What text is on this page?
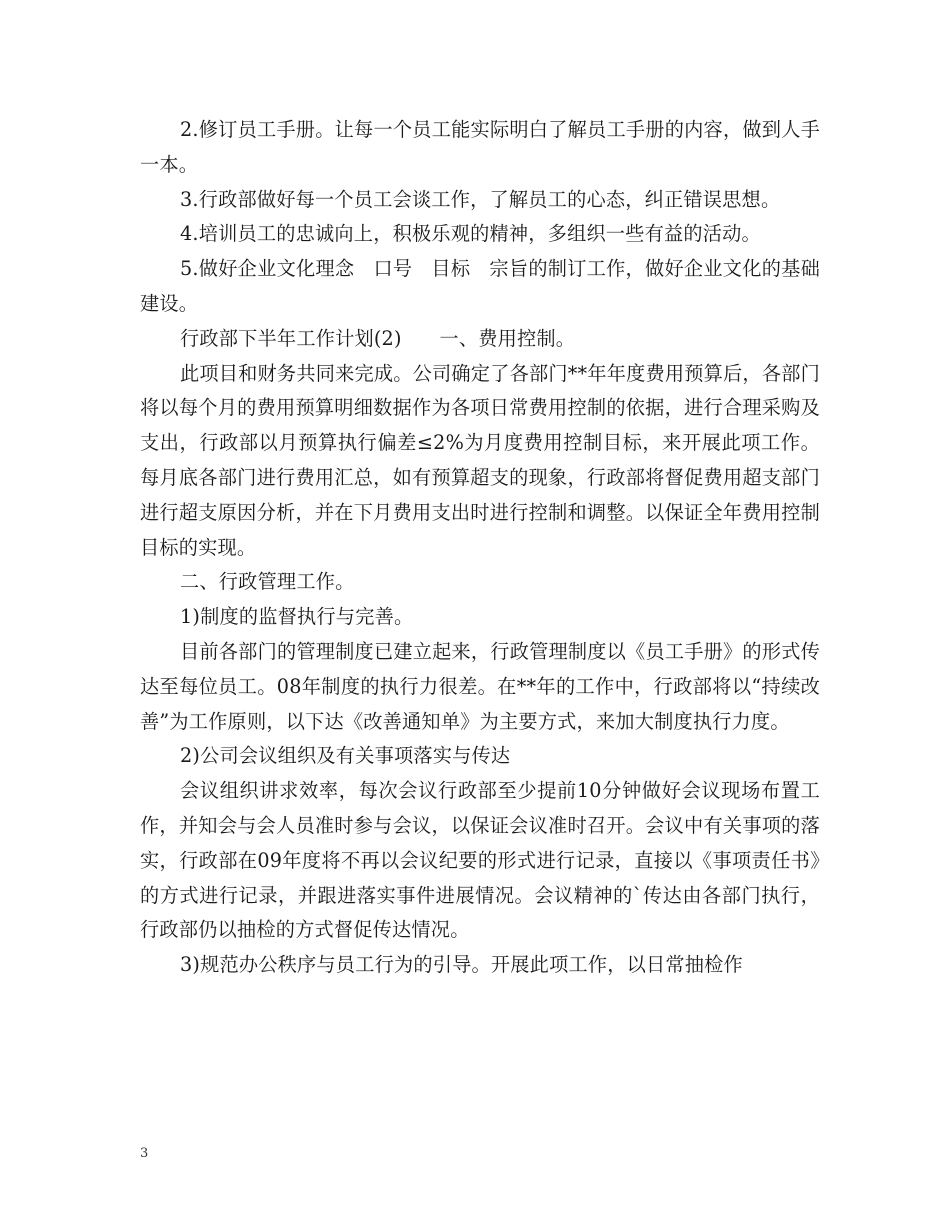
2.修订员工手册。让每一个员工能实际明白了解员工手册的内容，做到人手一本。

3.行政部做好每一个员工会谈工作，了解员工的心态，纠正错误思想。

4.培训员工的忠诚向上，积极乐观的精神，多组织一些有益的活动。

5.做好企业文化理念   口号   目标   宗旨的制订工作，做好企业文化的基础建设。

行政部下半年工作计划(2)      一、费用控制。

此项目和财务共同来完成。公司确定了各部门**年年度费用预算后，各部门将以每个月的费用预算明细数据作为各项日常费用控制的依据，进行合理采购及支出，行政部以月预算执行偏差≤2%为月度费用控制目标，来开展此项工作。每月底各部门进行费用汇总，如有预算超支的现象，行政部将督促费用超支部门进行超支原因分析，并在下月费用支出时进行控制和调整。以保证全年费用控制目标的实现。

二、行政管理工作。

1)制度的监督执行与完善。

目前各部门的管理制度已建立起来，行政管理制度以《员工手册》的形式传达至每位员工。08年制度的执行力很差。在**年的工作中，行政部将以“持续改善”为工作原则，以下达《改善通知单》为主要方式，来加大制度执行力度。

2)公司会议组织及有关事项落实与传达

会议组织讲求效率，每次会议行政部至少提前10分钟做好会议现场布置工作，并知会与会人员准时参与会议，以保证会议准时召开。会议中有关事项的落实，行政部在09年度将不再以会议纪要的形式进行记录，直接以《事项责任书》的方式进行记录，并跟进落实事件进展情况。会议精神的`传达由各部门执行，行政部仍以抽检的方式督促传达情况。

3)规范办公秩序与员工行为的引导。开展此项工作，以日常抽检作

3
